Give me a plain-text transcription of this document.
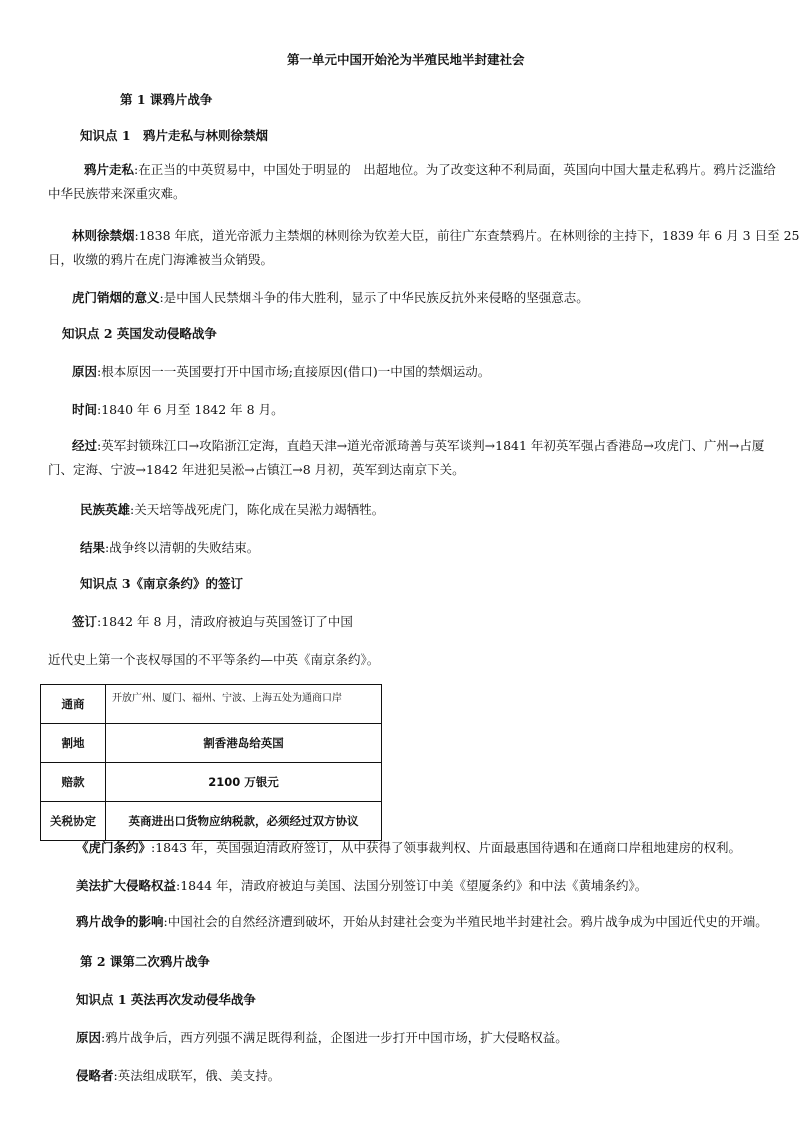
第一单元中国开始沦为半殖民地半封建社会
第 1 课鸦片战争
知识点 1　鸦片走私与林则徐禁烟
鸦片走私:在正当的中英贸易中，中国处于明显的　出超地位。为了改变这种不利局面，英国向中国大量走私鸦片。鸦片泛滥给
中华民族带来深重灾难。
林则徐禁烟:1838 年底，道光帝派力主禁烟的林则徐为钦差大臣，前往广东查禁鸦片。在林则徐的主持下，1839 年 6 月 3 日至 25
日，收缴的鸦片在虎门海滩被当众销毁。
虎门销烟的意义:是中国人民禁烟斗争的伟大胜利，显示了中华民族反抗外来侵略的坚强意志。
知识点 2 英国发动侵略战争
原因:根本原因一一英国要打开中国市场;直接原因(借口)一中国的禁烟运动。
时间:1840 年 6 月至 1842 年 8 月。
经过:英军封锁珠江口→攻陷浙江定海，直趋天津→道光帝派琦善与英军谈判→1841 年初英军强占香港岛→攻虎门、广州→占厦
门、定海、宁波→1842 年进犯吴淞→占镇江→8 月初，英军到达南京下关。
民族英雄:关天培等战死虎门，陈化成在吴淞力竭牺牲。
结果:战争终以清朝的失败结束。
知识点 3《南京条约》的签订
签订:1842 年 8 月，清政府被迫与英国签订了中国
近代史上第一个丧权辱国的不平等条约—中英《南京条约》。
通商	开放广州、厦门、福州、宁波、上海五处为通商口岸
割地	割香港岛给英国
赔款	2100 万银元
关税协定	英商进出口货物应纳税款，必须经过双方协议
《虎门条约》:1843 年，英国强迫清政府签订，从中获得了领事裁判权、片面最惠国待遇和在通商口岸租地建房的权利。
美法扩大侵略权益:1844 年，清政府被迫与美国、法国分别签订中美《望厦条约》和中法《黄埔条约》。
鸦片战争的影响:中国社会的自然经济遭到破坏，开始从封建社会变为半殖民地半封建社会。鸦片战争成为中国近代史的开端。
第 2 课第二次鸦片战争
知识点 1 英法再次发动侵华战争
原因:鸦片战争后，西方列强不满足既得利益，企图进一步打开中国市场，扩大侵略权益。
侵略者:英法组成联军，俄、美支持。
